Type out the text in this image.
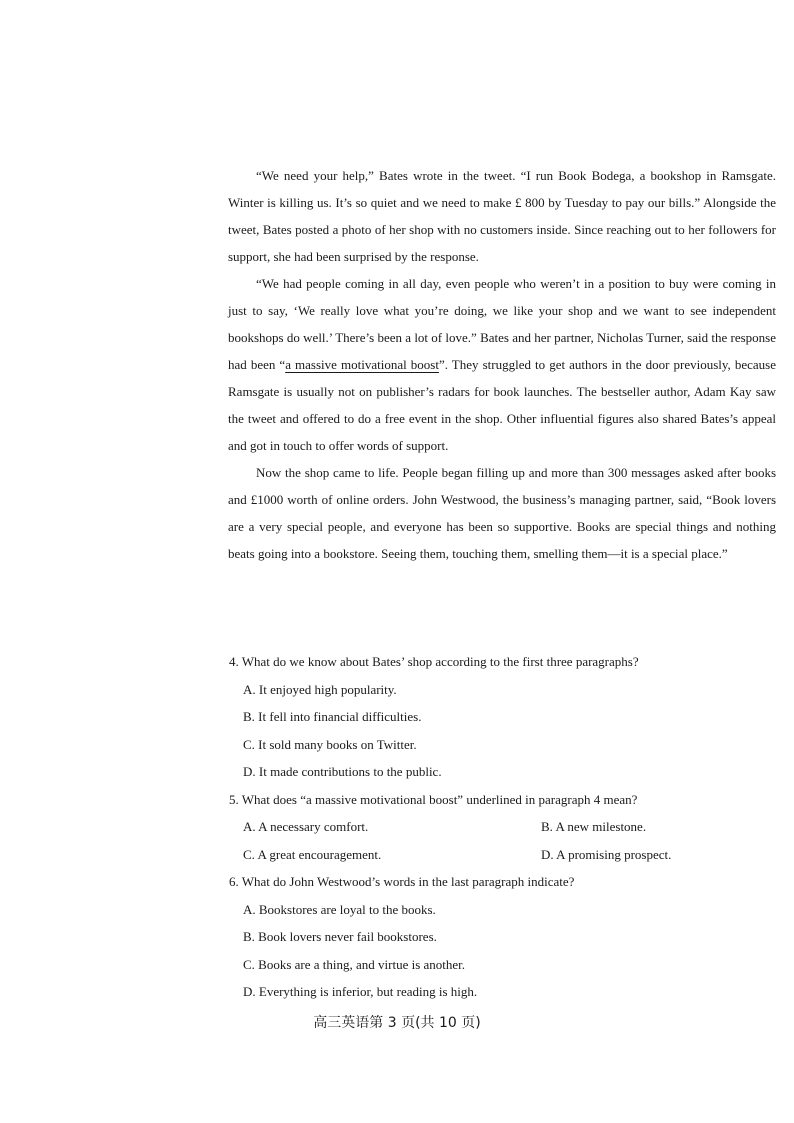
“We need your help,” Bates wrote in the tweet. “I run Book Bodega, a bookshop in Ramsgate. Winter is killing us. It’s so quiet and we need to make £ 800 by Tuesday to pay our bills.” Alongside the tweet, Bates posted a photo of her shop with no customers inside. Since reaching out to her followers for support, she had been surprised by the response.

“We had people coming in all day, even people who weren’t in a position to buy were coming in just to say, ‘We really love what you’re doing, we like your shop and we want to see independent bookshops do well.’ There’s been a lot of love.” Bates and her partner, Nicholas Turner, said the response had been “a massive motivational boost”. They struggled to get authors in the door previously, because Ramsgate is usually not on publisher’s radars for book launches. The bestseller author, Adam Kay saw the tweet and offered to do a free event in the shop. Other influential figures also shared Bates’s appeal and got in touch to offer words of support.

Now the shop came to life. People began filling up and more than 300 messages asked after books and £1000 worth of online orders. John Westwood, the business’s managing partner, said, “Book lovers are a very special people, and everyone has been so supportive. Books are special things and nothing beats going into a bookstore. Seeing them, touching them, smelling them—it is a special place.”

4. What do we know about Bates’ shop according to the first three paragraphs?

A. It enjoyed high popularity.

B. It fell into financial difficulties.

C. It sold many books on Twitter.

D. It made contributions to the public.

5. What does “a massive motivational boost” underlined in paragraph 4 mean?

A. A necessary comfort.	B. A new milestone.
C. A great encouragement.	D. A promising prospect.

6. What do John Westwood’s words in the last paragraph indicate?

A. Bookstores are loyal to the books.

B. Book lovers never fail bookstores.

C. Books are a thing, and virtue is another.

D. Everything is inferior, but reading is high.

高三英语第 3 页(共 10 页)
